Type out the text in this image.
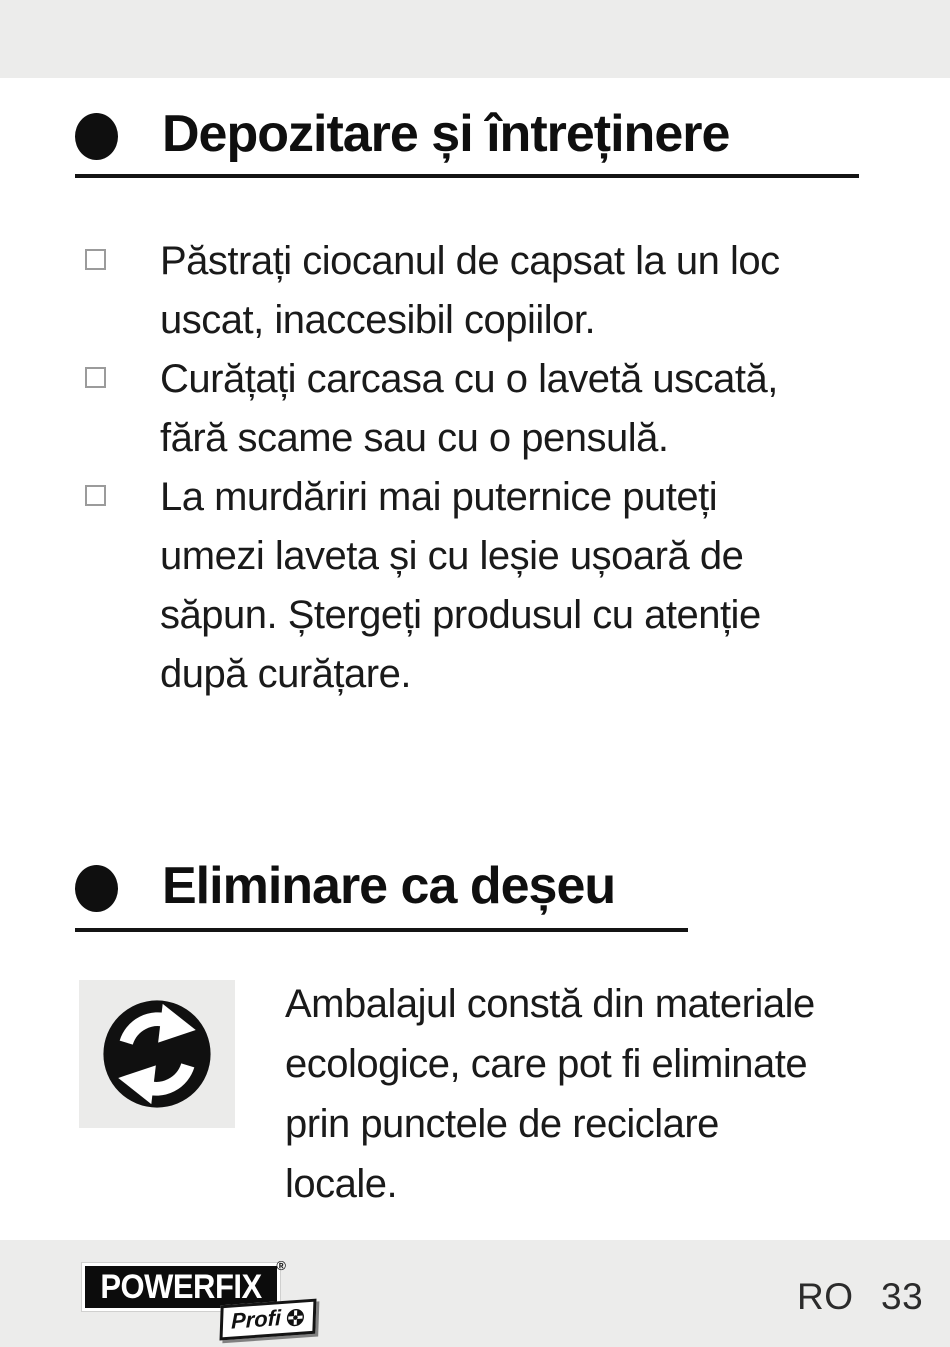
Depozitare și întreținere
Păstrați ciocanul de capsat la un loc
uscat, inaccesibil copiilor.
Curățați carcasa cu o lavetă uscată,
fără scame sau cu o pensulă.
La murdăriri mai puternice puteți
umezi laveta și cu leșie ușoară de
săpun. Ștergeți produsul cu atenție
după curățare.
Eliminare ca deșeu
Ambalajul constă din materiale
ecologice, care pot fi eliminate
prin punctele de reciclare
locale.
POWERFIX
®
Profi
RO 33
